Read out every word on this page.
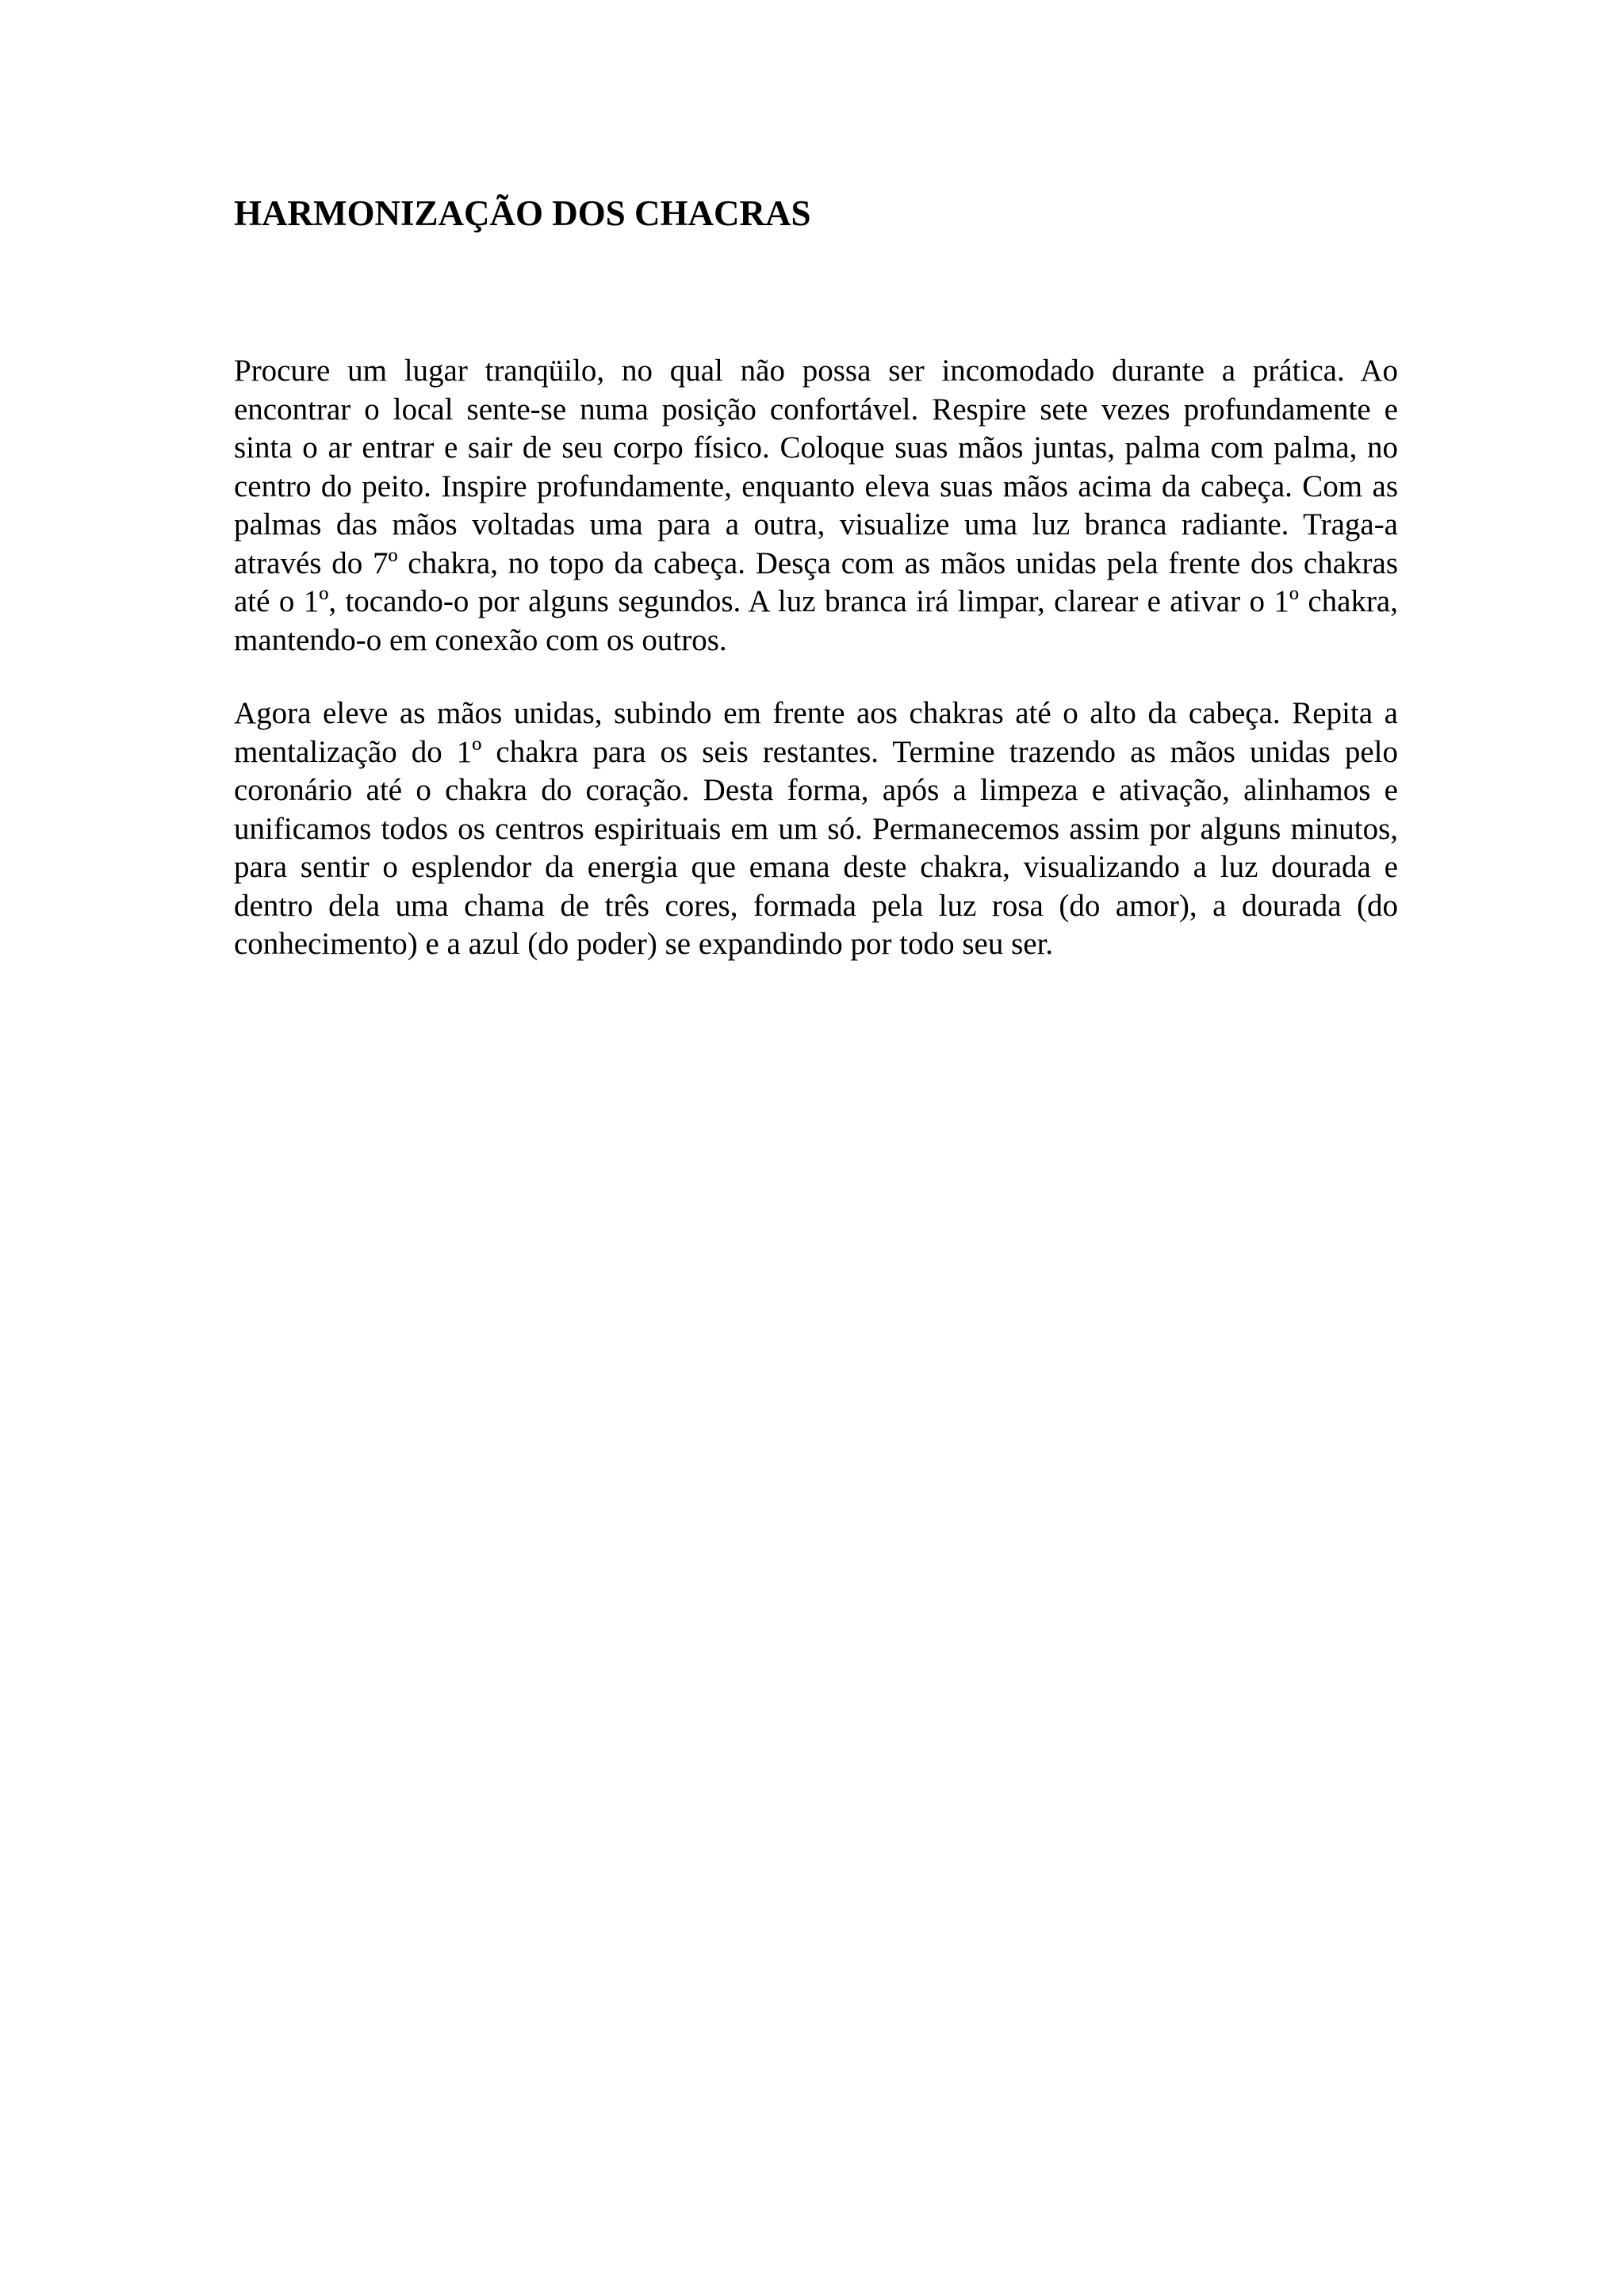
HARMONIZAÇÃO DOS CHACRAS

Procure um lugar tranqüilo, no qual não possa ser incomodado durante a prática. Ao encontrar o local sente-se numa posição confortável. Respire sete vezes profundamente e sinta o ar entrar e sair de seu corpo físico. Coloque suas mãos juntas, palma com palma, no centro do peito. Inspire profundamente, enquanto eleva suas mãos acima da cabeça. Com as palmas das mãos voltadas uma para a outra, visualize uma luz branca radiante. Traga-a através do 7º chakra, no topo da cabeça. Desça com as mãos unidas pela frente dos chakras até o 1º, tocando-o por alguns segundos. A luz branca irá limpar, clarear e ativar o 1º chakra, mantendo-o em conexão com os outros.

Agora eleve as mãos unidas, subindo em frente aos chakras até o alto da cabeça. Repita a mentalização do 1º chakra para os seis restantes. Termine trazendo as mãos unidas pelo coronário até o chakra do coração. Desta forma, após a limpeza e ativação, alinhamos e unificamos todos os centros espirituais em um só. Permanecemos assim por alguns minutos, para sentir o esplendor da energia que emana deste chakra, visualizando a luz dourada e dentro dela uma chama de três cores, formada pela luz rosa (do amor), a dourada (do conhecimento) e a azul (do poder) se expandindo por todo seu ser.
